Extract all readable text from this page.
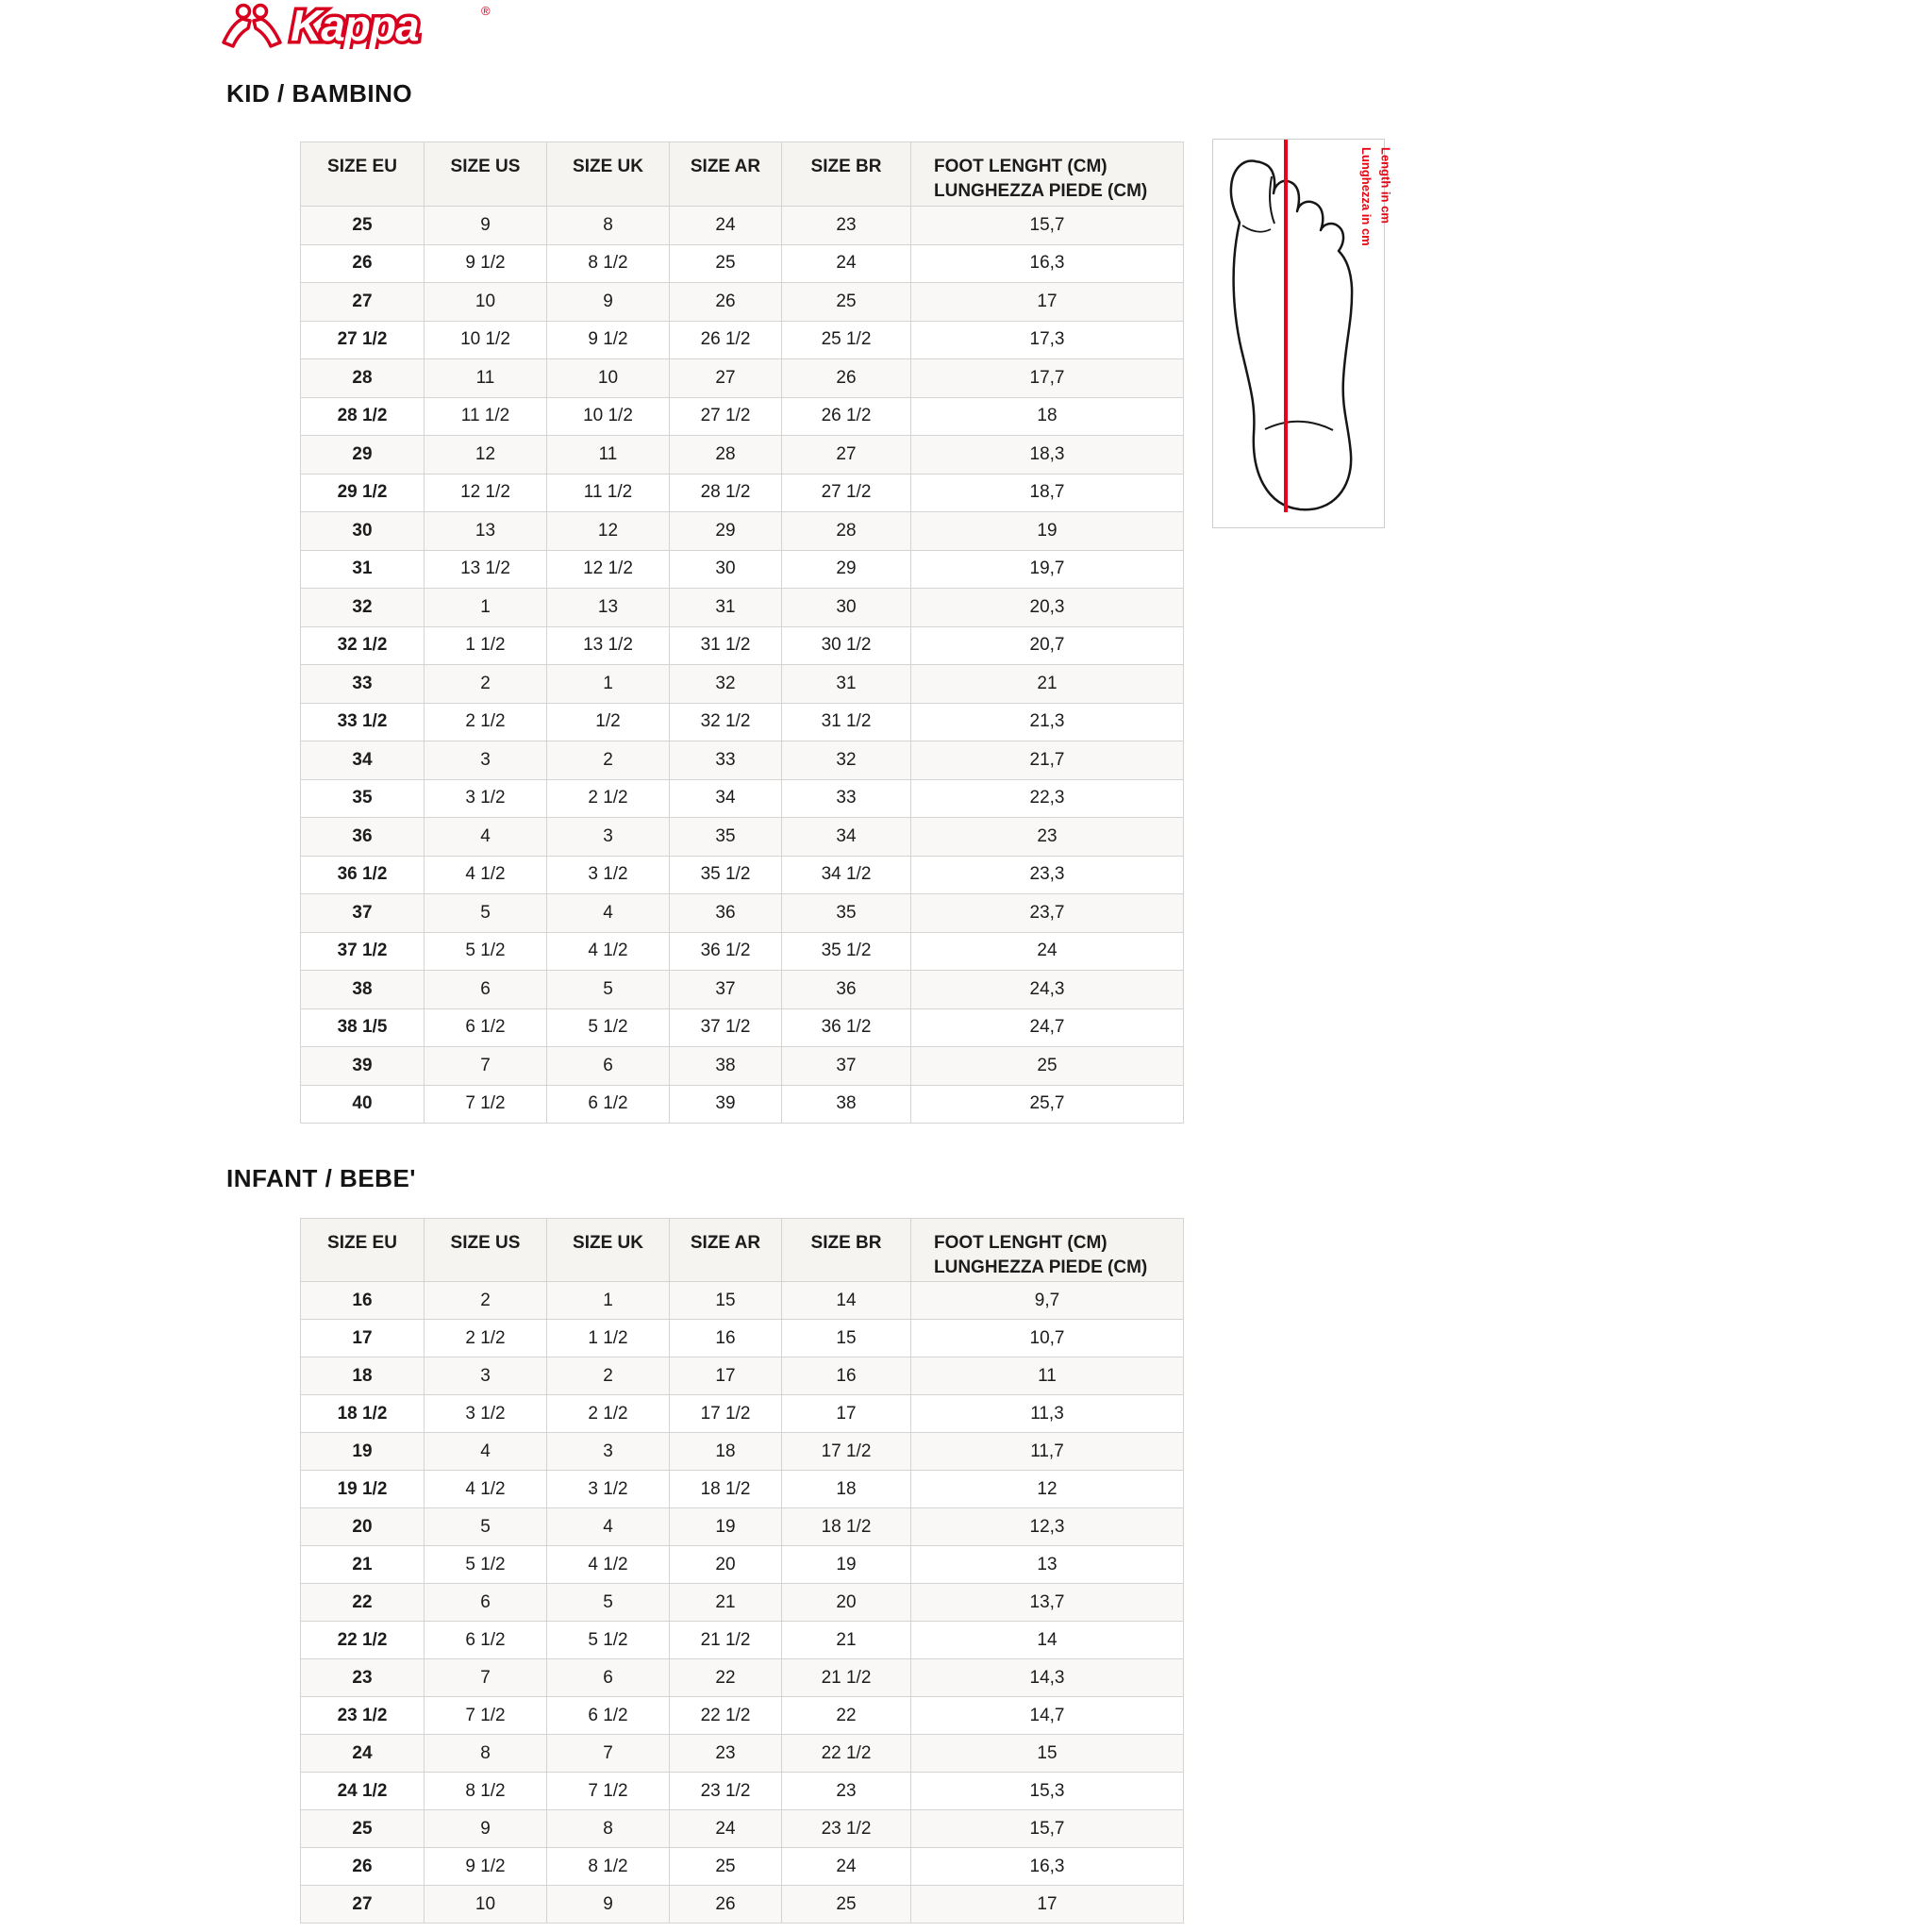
Kappa	®
KID / BAMBINO
SIZE EU	SIZE US	SIZE UK	SIZE AR	SIZE BR	FOOT LENGHT (CM)
LUNGHEZZA PIEDE (CM)

25	9	8	24	23	15,7
26	9 1/2	8 1/2	25	24	16,3
27	10	9	26	25	17
27 1/2	10 1/2	9 1/2	26 1/2	25 1/2	17,3
28	11	10	27	26	17,7
28 1/2	11 1/2	10 1/2	27 1/2	26 1/2	18
29	12	11	28	27	18,3
29 1/2	12 1/2	11 1/2	28 1/2	27 1/2	18,7
30	13	12	29	28	19
31	13 1/2	12 1/2	30	29	19,7
32	1	13	31	30	20,3
32 1/2	1 1/2	13 1/2	31 1/2	30 1/2	20,7
33	2	1	32	31	21
33 1/2	2 1/2	1/2	32 1/2	31 1/2	21,3
34	3	2	33	32	21,7
35	3 1/2	2 1/2	34	33	22,3
36	4	3	35	34	23
36 1/2	4 1/2	3 1/2	35 1/2	34 1/2	23,3
37	5	4	36	35	23,7
37 1/2	5 1/2	4 1/2	36 1/2	35 1/2	24
38	6	5	37	36	24,3
38 1/5	6 1/2	5 1/2	37 1/2	36 1/2	24,7
39	7	6	38	37	25
40	7 1/2	6 1/2	39	38	25,7
INFANT / BEBE'
SIZE EU	SIZE US	SIZE UK	SIZE AR	SIZE BR	FOOT LENGHT (CM)
LUNGHEZZA PIEDE (CM)

16	2	1	15	14	9,7
17	2 1/2	1 1/2	16	15	10,7
18	3	2	17	16	11
18 1/2	3 1/2	2 1/2	17 1/2	17	11,3
19	4	3	18	17 1/2	11,7
19 1/2	4 1/2	3 1/2	18 1/2	18	12
20	5	4	19	18 1/2	12,3
21	5 1/2	4 1/2	20	19	13
22	6	5	21	20	13,7
22 1/2	6 1/2	5 1/2	21 1/2	21	14
23	7	6	22	21 1/2	14,3
23 1/2	7 1/2	6 1/2	22 1/2	22	14,7
24	8	7	23	22 1/2	15
24 1/2	8 1/2	7 1/2	23 1/2	23	15,3
25	9	8	24	23 1/2	15,7
26	9 1/2	8 1/2	25	24	16,3
27	10	9	26	25	17
Length in cm
Lunghezza in cm
